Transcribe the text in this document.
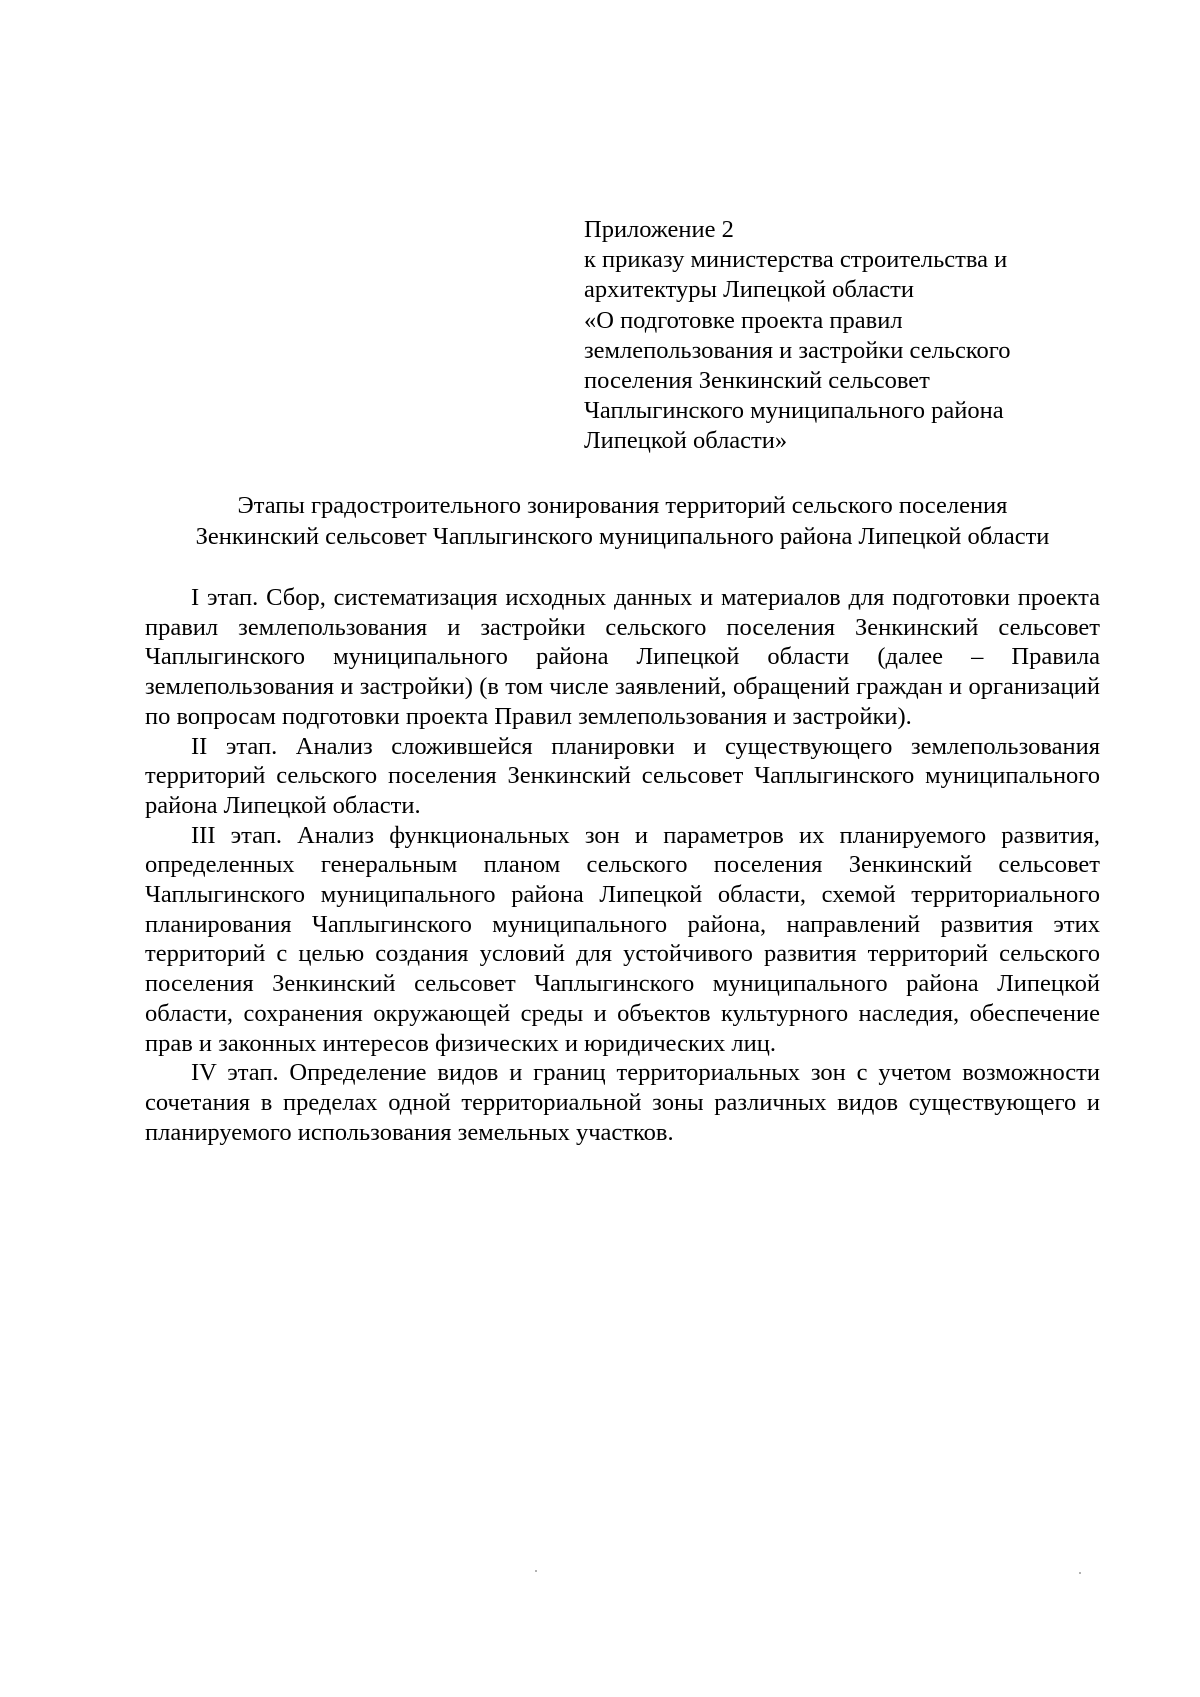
Приложение 2
к приказу министерства строительства и
архитектуры Липецкой области
«О подготовке проекта правил
землепользования и застройки сельского
поселения Зенкинский сельсовет
Чаплыгинского муниципального района
Липецкой области»
Этапы градостроительного зонирования территорий сельского поселения
Зенкинский сельсовет Чаплыгинского муниципального района Липецкой области

I этап. Сбор, систематизация исходных данных и материалов для подготовки проекта правил землепользования и застройки сельского поселения Зенкинский сельсовет Чаплыгинского муниципального района Липецкой области (далее – Правила землепользования и застройки) (в том числе заявлений, обращений граждан и организаций по вопросам подготовки проекта Правил землепользования и застройки).

II этап. Анализ сложившейся планировки и существующего землепользования территорий сельского поселения Зенкинский сельсовет Чаплыгинского муниципального района Липецкой области.

III этап. Анализ функциональных зон и параметров их планируемого развития, определенных генеральным планом сельского поселения Зенкинский сельсовет Чаплыгинского муниципального района Липецкой области, схемой территориального планирования Чаплыгинского муниципального района, направлений развития этих территорий с целью создания условий для устойчивого развития территорий сельского поселения Зенкинский сельсовет Чаплыгинского муниципального района Липецкой области, сохранения окружающей среды и объектов культурного наследия, обеспечение прав и законных интересов физических и юридических лиц.

IV этап. Определение видов и границ территориальных зон с учетом возможности сочетания в пределах одной территориальной зоны различных видов существующего и планируемого использования земельных участков.
